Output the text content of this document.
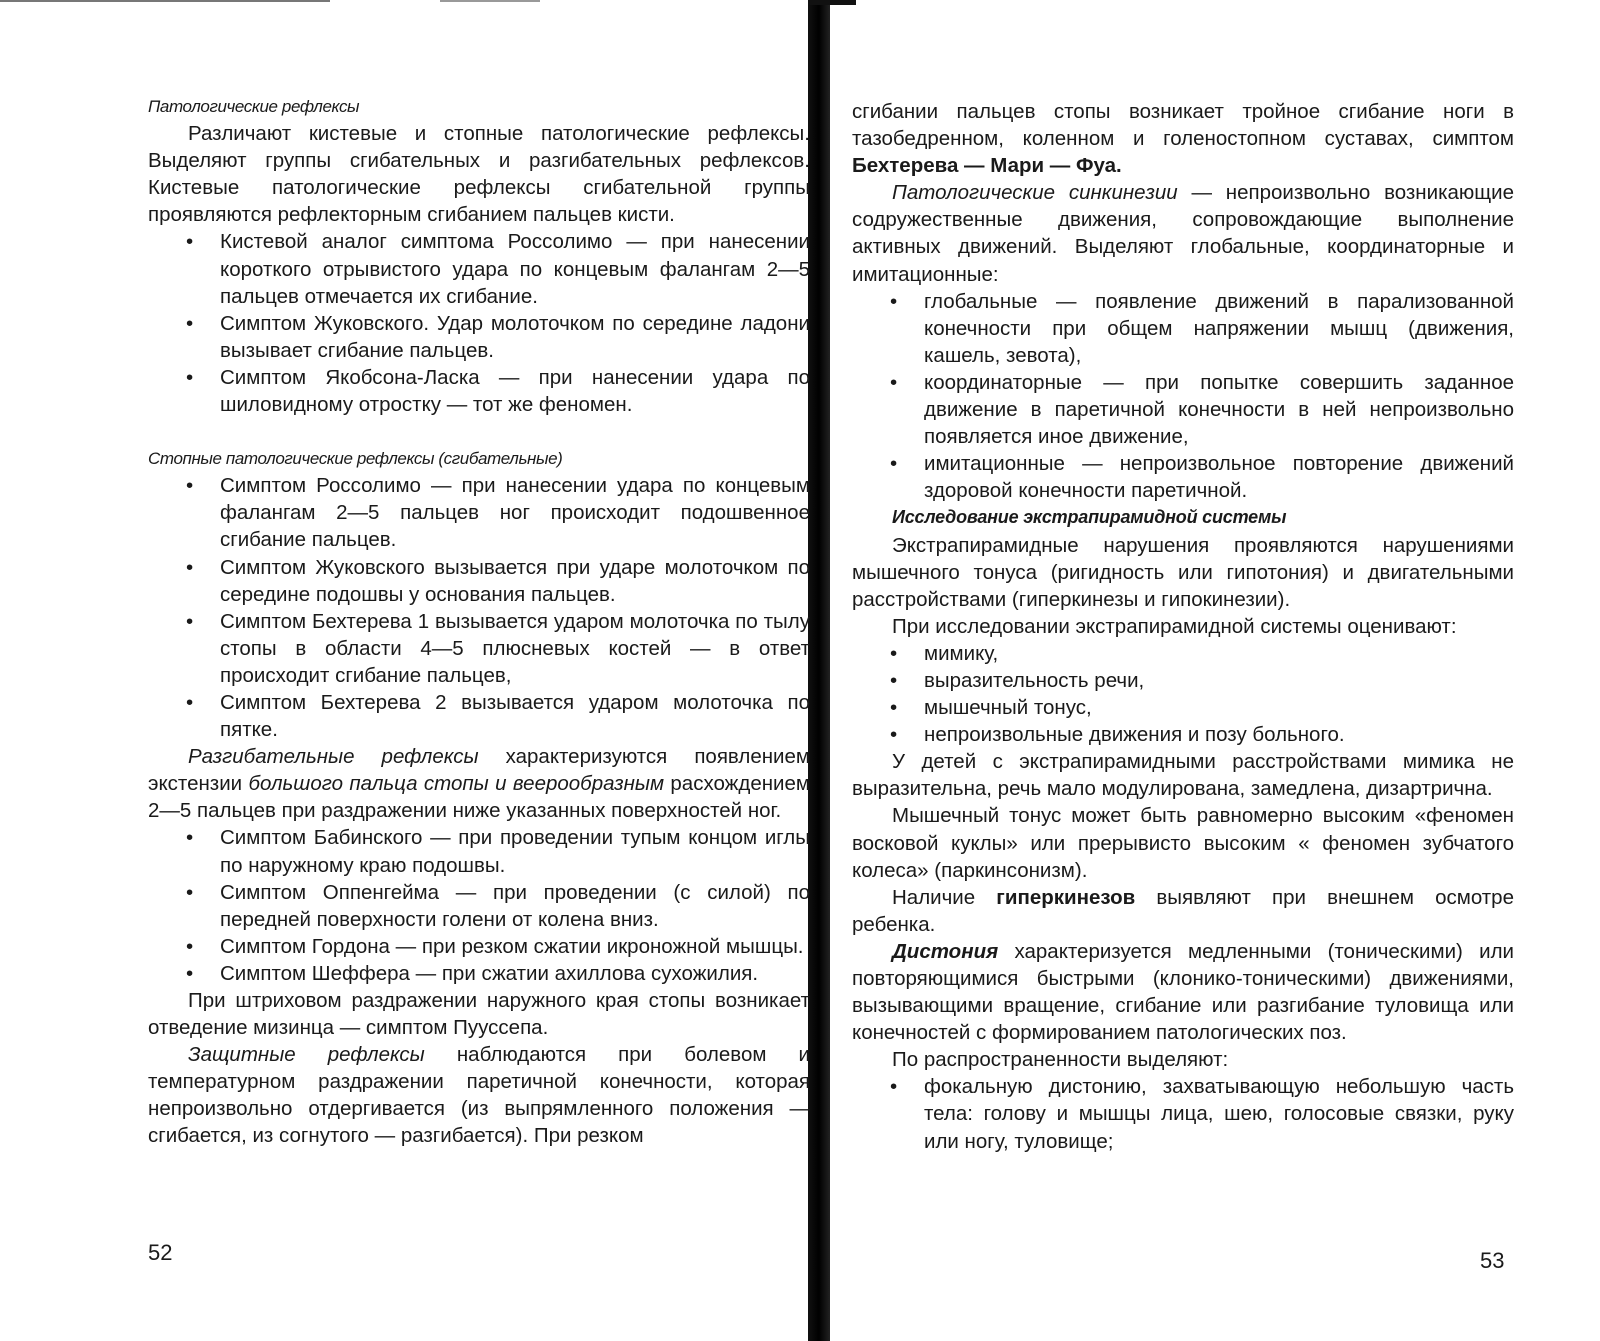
Патологические рефлексы

Различают кистевые и стопные патологические рефлексы. Выделяют группы сгибательных и разгибательных рефлексов. Кистевые патологические рефлексы сгибательной группы проявляются рефлекторным сгибанием пальцев кисти.

• Кистевой аналог симптома Россолимо — при нанесении короткого отрывистого удара по концевым фалангам 2—5 пальцев отмечается их сгибание.
• Симптом Жуковского. Удар молоточком по середине ладони вызывает сгибание пальцев.
• Симптом Якобсона-Ласка — при нанесении удара по шиловидному отростку — тот же феномен.

Стопные патологические рефлексы (сгибательные)

• Симптом Россолимо — при нанесении удара по концевым фалангам 2—5 пальцев ног происходит подошвенное сгибание пальцев.
• Симптом Жуковского вызывается при ударе молоточком по середине подошвы у основания пальцев.
• Симптом Бехтерева 1 вызывается ударом молоточка по тылу стопы в области 4—5 плюсневых костей — в ответ происходит сгибание пальцев,
• Симптом Бехтерева 2 вызывается ударом молоточка по пятке.

Разгибательные рефлексы характеризуются появлением экстензии большого пальца стопы и веерообразным расхождением 2—5 пальцев при раздражении ниже указанных поверхностей ног.

• Симптом Бабинского — при проведении тупым концом иглы по наружному краю подошвы.
• Симптом Оппенгейма — при проведении (с силой) по передней поверхности голени от колена вниз.
• Симптом Гордона — при резком сжатии икроножной мышцы.
• Симптом Шеффера — при сжатии ахиллова сухожилия.

При штриховом раздражении наружного края стопы возникает отведение мизинца — симптом Пууссепа.

Защитные рефлексы наблюдаются при болевом и температурном раздражении паретичной конечности, которая непроизвольно отдергивается (из выпрямленного положения — сгибается, из согнутого — разгибается). При резком

52

сгибании пальцев стопы возникает тройное сгибание ноги в тазобедренном, коленном и голеностопном суставах, симптом Бехтерева — Мари — Фуа.

Патологические синкинезии — непроизвольно возникающие содружественные движения, сопровождающие выполнение активных движений. Выделяют глобальные, координаторные и имитационные:

• глобальные — появление движений в парализованной конечности при общем напряжении мышц (движения, кашель, зевота),
• координаторные — при попытке совершить заданное движение в паретичной конечности в ней непроизвольно появляется иное движение,
• имитационные — непроизвольное повторение движений здоровой конечности паретичной.

Исследование экстрапирамидной системы

Экстрапирамидные нарушения проявляются нарушениями мышечного тонуса (ригидность или гипотония) и двигательными расстройствами (гиперкинезы и гипокинезии).

При исследовании экстрапирамидной системы оценивают:

• мимику,
• выразительность речи,
• мышечный тонус,
• непроизвольные движения и позу больного.

У детей с экстрапирамидными расстройствами мимика не выразительна, речь мало модулирована, замедлена, дизартрична.

Мышечный тонус может быть равномерно высоким «феномен восковой куклы» или прерывисто высоким « феномен зубчатого колеса» (паркинсонизм).

Наличие гиперкинезов выявляют при внешнем осмотре ребенка.

Дистония характеризуется медленными (тоническими) или повторяющимися быстрыми (клонико-тоническими) движениями, вызывающими вращение, сгибание или разгибание туловища или конечностей с формированием патологических поз.

По распространенности выделяют:

• фокальную дистонию, захватывающую небольшую часть тела: голову и мышцы лица, шею, голосовые связки, руку или ногу, туловище;
53
